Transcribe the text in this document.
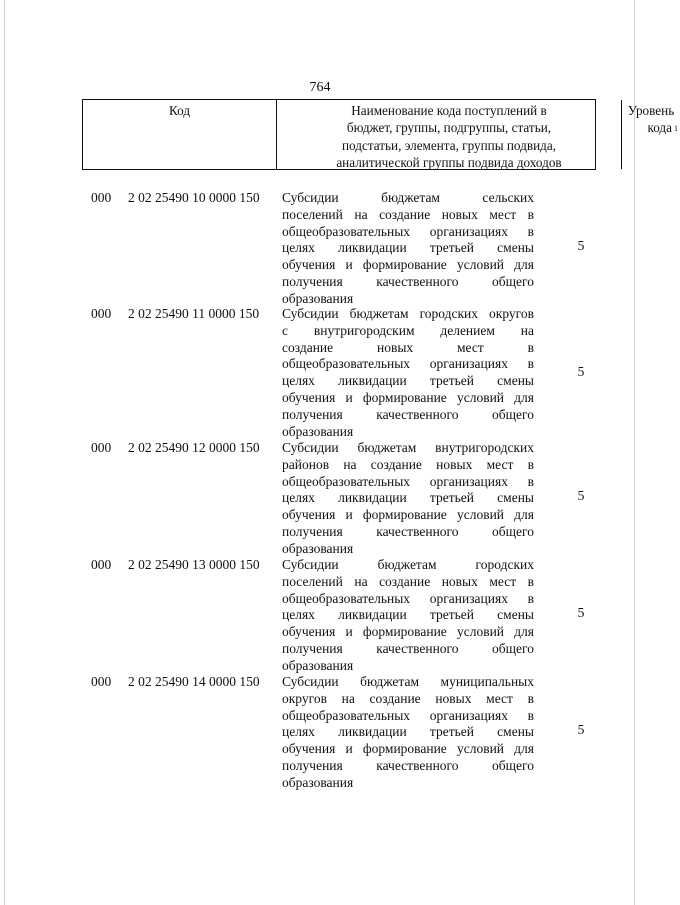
764
Код	Наименование кода поступлений в
бюджет, группы, подгруппы, статьи,
подстатьи, элемента, группы подвида,
аналитической группы подвида доходов
Уровень
кода $^1$
000 2 02 25490 10 0000 150 Субсидии бюджетам сельских
поселений на создание новых мест в
общеобразовательных организациях в
целях ликвидации третьей смены
обучения и формирование условий для
получения качественного общего
образования
5
000 2 02 25490 11 0000 150 Субсидии бюджетам городских округов
с внутригородским делением на
создание новых мест в
общеобразовательных организациях в
целях ликвидации третьей смены
обучения и формирование условий для
получения качественного общего
образования
5
000 2 02 25490 12 0000 150 Субсидии бюджетам внутригородских
районов на создание новых мест в
общеобразовательных организациях в
целях ликвидации третьей смены
обучения и формирование условий для
получения качественного общего
образования
5
000 2 02 25490 13 0000 150 Субсидии бюджетам городских
поселений на создание новых мест в
общеобразовательных организациях в
целях ликвидации третьей смены
обучения и формирование условий для
получения качественного общего
образования
5
000 2 02 25490 14 0000 150 Субсидии бюджетам муниципальных
округов на создание новых мест в
общеобразовательных организациях в
целях ликвидации третьей смены
обучения и формирование условий для
получения качественного общего
образования
5
